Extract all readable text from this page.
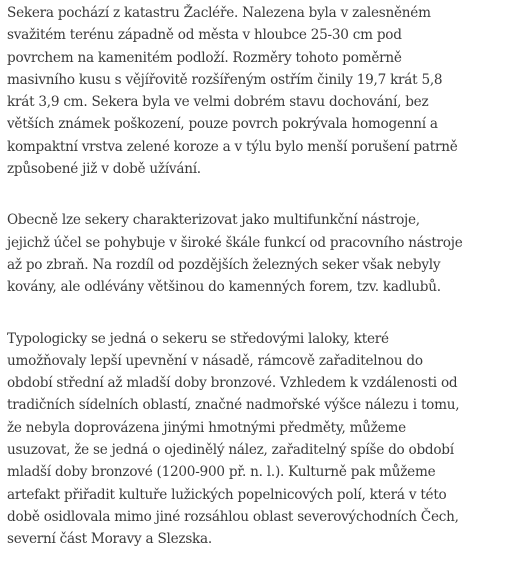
Sekera pochází z katastru Žacléře. Nalezena byla v zalesněném
svažitém terénu západně od města v hloubce 25-30 cm pod
povrchem na kamenitém podloží. Rozměry tohoto poměrně
masivního kusu s vějířovitě rozšířeným ostřím činily 19,7 krát 5,8
krát 3,9 cm. Sekera byla ve velmi dobrém stavu dochování, bez
větších známek poškození, pouze povrch pokrývala homogenní a
kompaktní vrstva zelené koroze a v týlu bylo menší porušení patrně
způsobené již v době užívání.

Obecně lze sekery charakterizovat jako multifunkční nástroje,
jejichž účel se pohybuje v široké škále funkcí od pracovního nástroje
až po zbraň. Na rozdíl od pozdějších železných seker však nebyly
kovány, ale odlévány většinou do kamenných forem, tzv. kadlubů.

Typologicky se jedná o sekeru se středovými laloky, které
umožňovaly lepší upevnění v násadě, rámcově zařaditelnou do
období střední až mladší doby bronzové. Vzhledem k vzdálenosti od
tradičních sídelních oblastí, značné nadmořské výšce nálezu i tomu,
že nebyla doprovázena jinými hmotnými předměty, můžeme
usuzovat, že se jedná o ojedinělý nález, zařaditelný spíše do období
mladší doby bronzové (1200-900 př. n. l.). Kulturně pak můžeme
artefakt přiřadit kultuře lužických popelnicových polí, která v této
době osidlovala mimo jiné rozsáhlou oblast severovýchodních Čech,
severní část Moravy a Slezska.
